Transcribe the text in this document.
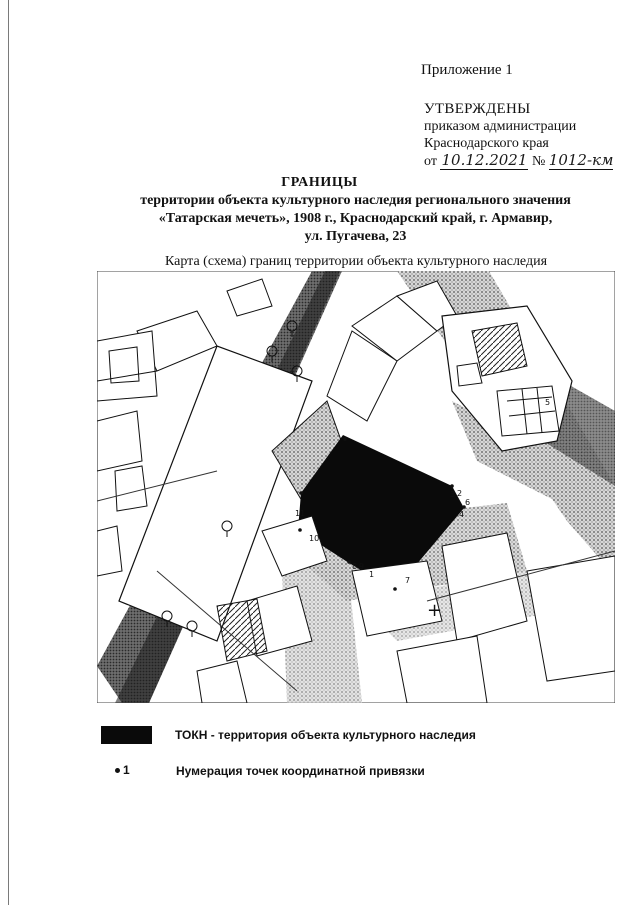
Приложение 1
УТВЕРЖДЕНЫ
приказом администрации
Краснодарского края
от 10.12.2021 № 1012-км
ГРАНИЦЫ
территории объекта культурного наследия регионального значения
«Татарская мечеть», 1908 г., Краснодарский край, г. Армавир,
ул. Пугачева, 23
Карта (схема) границ территории объекта культурного наследия
1
2
3
4
5
6
7
8 9
10
11
+
ТОКН - территория объекта культурного наследия
1	Нумерация точек координатной привязки
